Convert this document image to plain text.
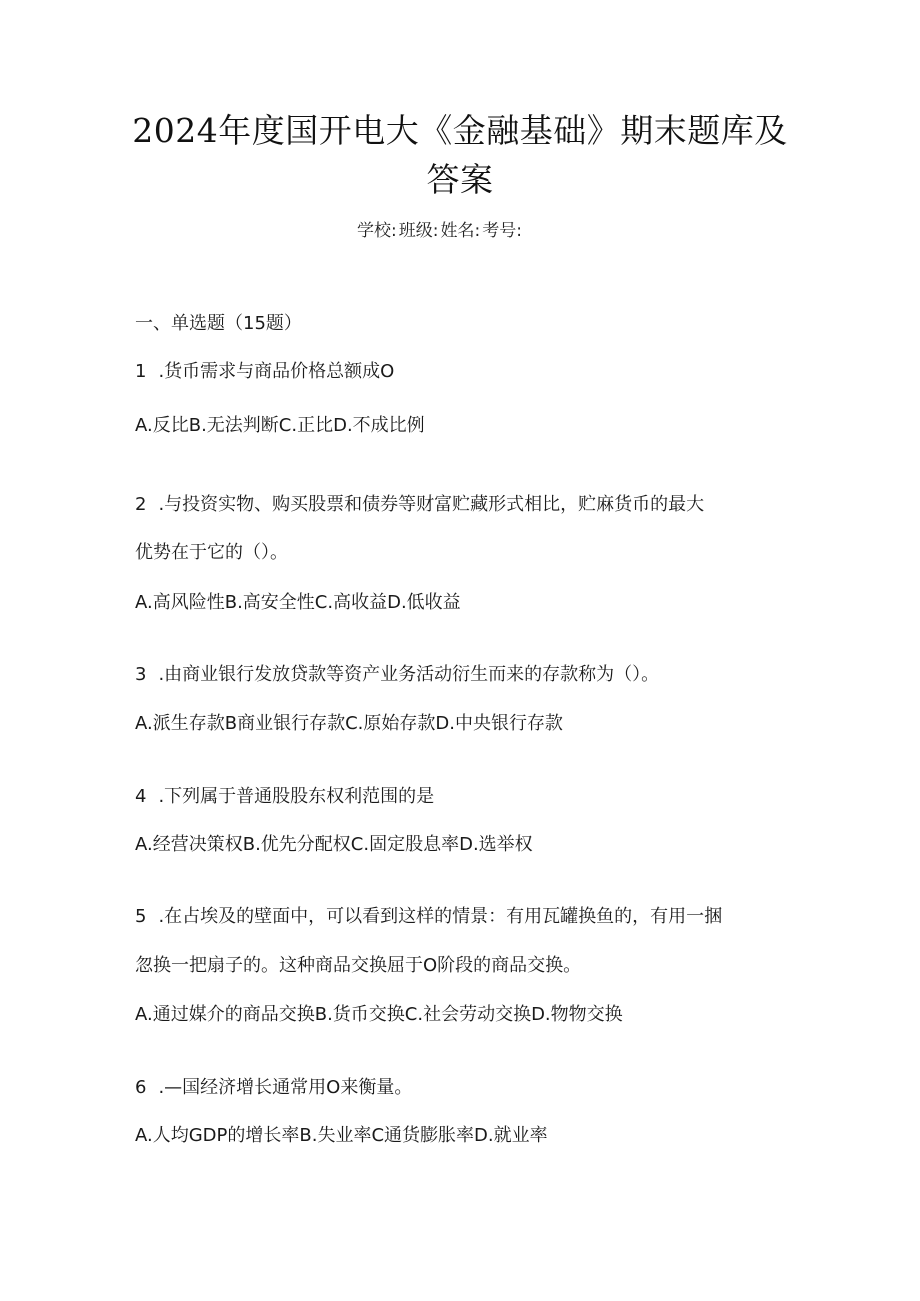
2024年度国开电大《金融基础》期末题库及
答案
学校: 班级: 姓名: 考号:
一、单选题（15题）
1 .货币需求与商品价格总额成O
A.反比B.无法判断C.正比D.不成比例
2 .与投资实物、购买股票和债券等财富贮藏形式相比，贮麻货币的最大
优势在于它的（）。
A.高风险性B.高安全性C.高收益D.低收益
3 .由商业银行发放贷款等资产业务活动衍生而来的存款称为（）。
A.派生存款B商业银行存款C.原始存款D.中央银行存款
4 .下列属于普通股股东权利范围的是
A.经营决策权B.优先分配权C.固定股息率D.选举权
5 .在占埃及的壁面中，可以看到这样的情景：有用瓦罐换鱼的，有用一捆
忽换一把扇子的。这种商品交换屈于O阶段的商品交换。
A.通过媒介的商品交换B.货币交换C.社会劳动交换D.物物交换
6 .—国经济增长通常用O来衡量。
A.人均GDP的增长率B.失业率C通货膨胀率D.就业率
